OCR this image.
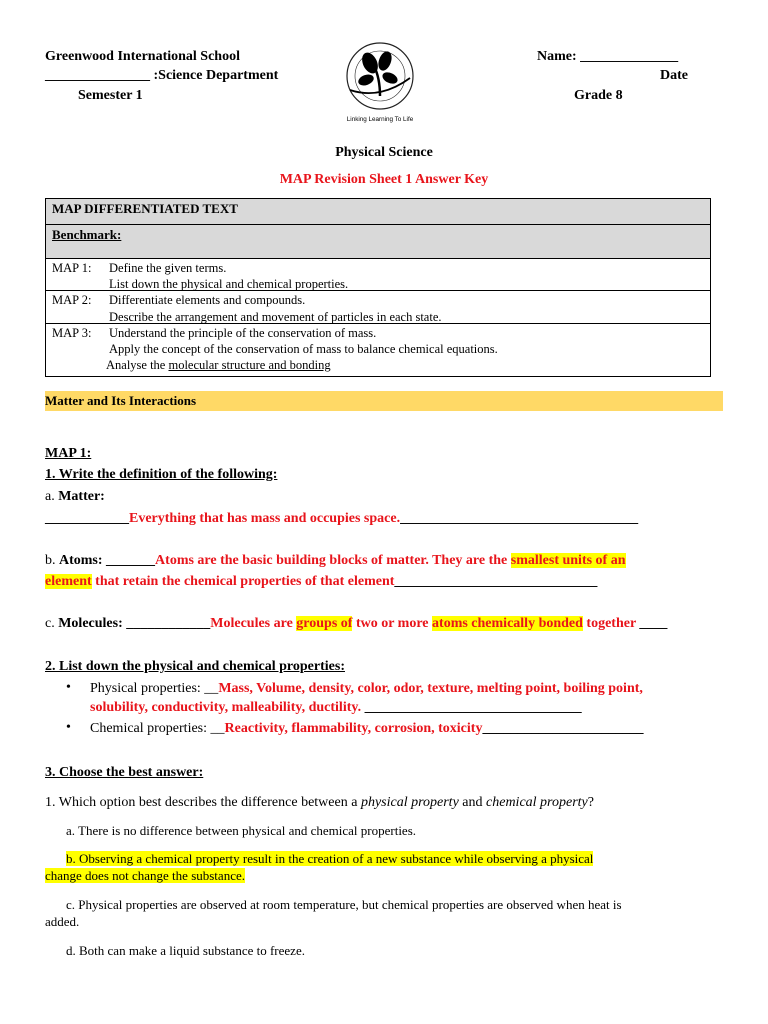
Greenwood International School
_______________ :Science Department
Semester 1
Name: ______________
Date
Grade 8
Linking Learning To Life
Physical Science
MAP Revision Sheet 1 Answer Key
MAP DIFFERENTIATED TEXT
Benchmark:
MAP 1: Define the given terms.
List down the physical and chemical properties.
MAP 2: Differentiate elements and compounds.
Describe the arrangement and movement of particles in each state.
MAP 3: Understand the principle of the conservation of mass.
Apply the concept of the conservation of mass to balance chemical equations.
Analyse the molecular structure and bonding
Matter and Its Interactions
MAP 1:
1. Write the definition of the following:
a. Matter:
____________Everything that has mass and occupies space.__________________________________
b. Atoms: _______Atoms are the basic building blocks of matter. They are the smallest units of an
element that retain the chemical properties of that element_____________________________
c. Molecules: ____________Molecules are groups of two or more atoms chemically bonded together ____
2. List down the physical and chemical properties:
• Physical properties: __Mass, Volume, density, color, odor, texture, melting point, boiling point,
solubility, conductivity, malleability, ductility. _______________________________
• Chemical properties: __Reactivity, flammability, corrosion, toxicity_______________________
3. Choose the best answer:
1. Which option best describes the difference between a physical property and chemical property?
a. There is no difference between physical and chemical properties.
b. Observing a chemical property result in the creation of a new substance while observing a physical
change does not change the substance.
c. Physical properties are observed at room temperature, but chemical properties are observed when heat is
added.
d. Both can make a liquid substance to freeze.
